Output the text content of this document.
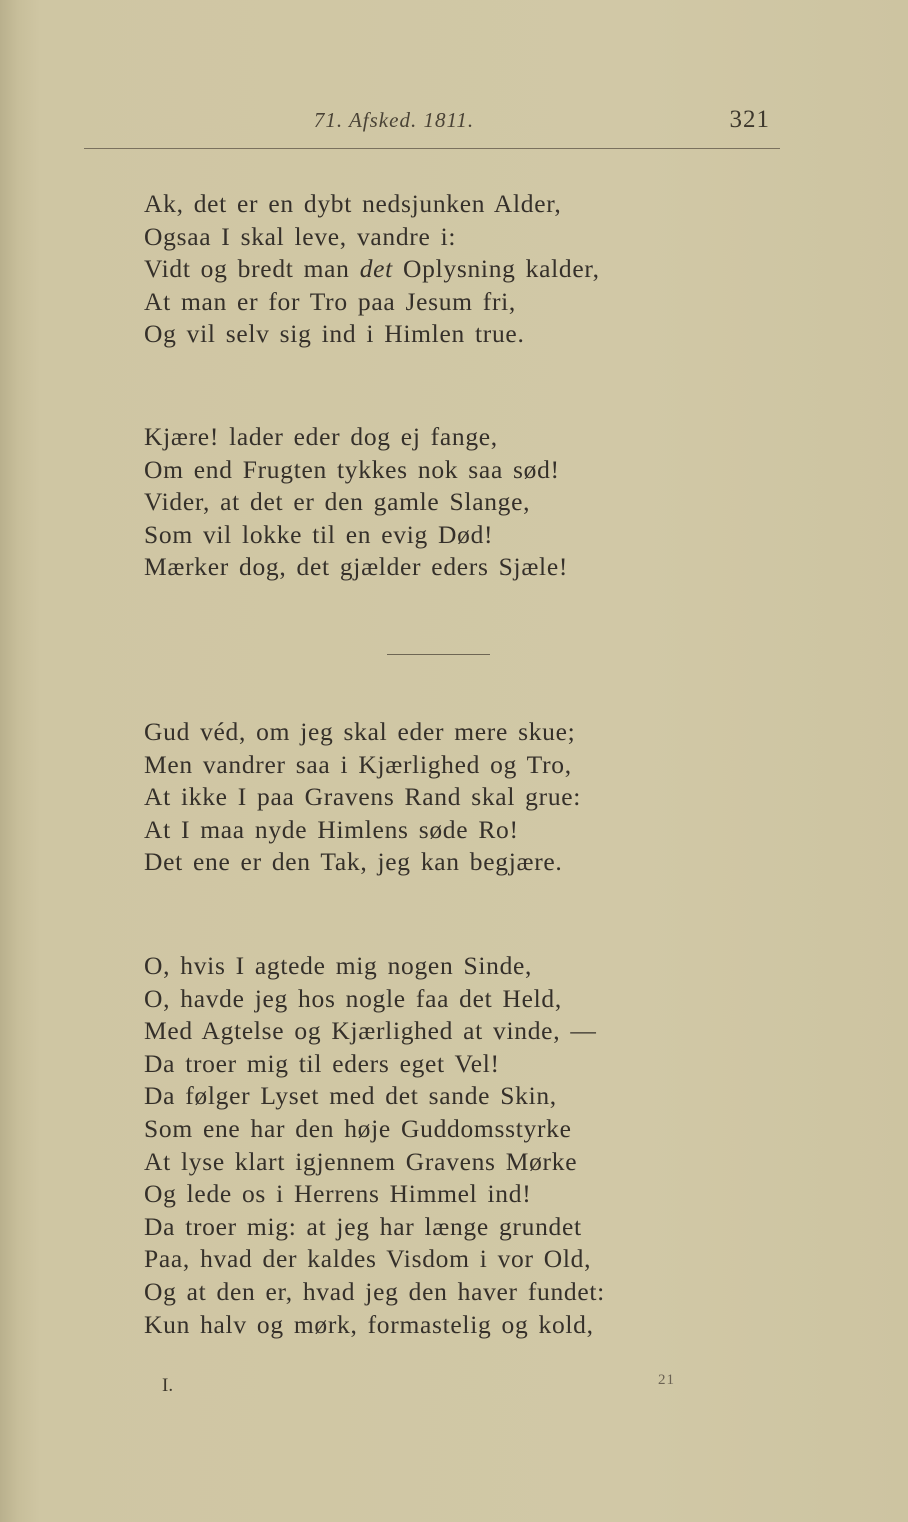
71. Afsked. 1811.	321
Ak, det er en dybt nedsjunken Alder,
Ogsaa I skal leve, vandre i:
Vidt og bredt man det Oplysning kalder,
At man er for Tro paa Jesum fri,
Og vil selv sig ind i Himlen true.
Kjære! lader eder dog ej fange,
Om end Frugten tykkes nok saa sød!
Vider, at det er den gamle Slange,
Som vil lokke til en evig Død!
Mærker dog, det gjælder eders Sjæle!
Gud véd, om jeg skal eder mere skue;
Men vandrer saa i Kjærlighed og Tro,
At ikke I paa Gravens Rand skal grue:
At I maa nyde Himlens søde Ro!
Det ene er den Tak, jeg kan begjære.
O, hvis I agtede mig nogen Sinde,
O, havde jeg hos nogle faa det Held,
Med Agtelse og Kjærlighed at vinde, —
Da troer mig til eders eget Vel!
Da følger Lyset med det sande Skin,
Som ene har den høje Guddomsstyrke
At lyse klart igjennem Gravens Mørke
Og lede os i Herrens Himmel ind!
Da troer mig: at jeg har længe grundet
Paa, hvad der kaldes Visdom i vor Old,
Og at den er, hvad jeg den haver fundet:
Kun halv og mørk, formastelig og kold,
I.	21
